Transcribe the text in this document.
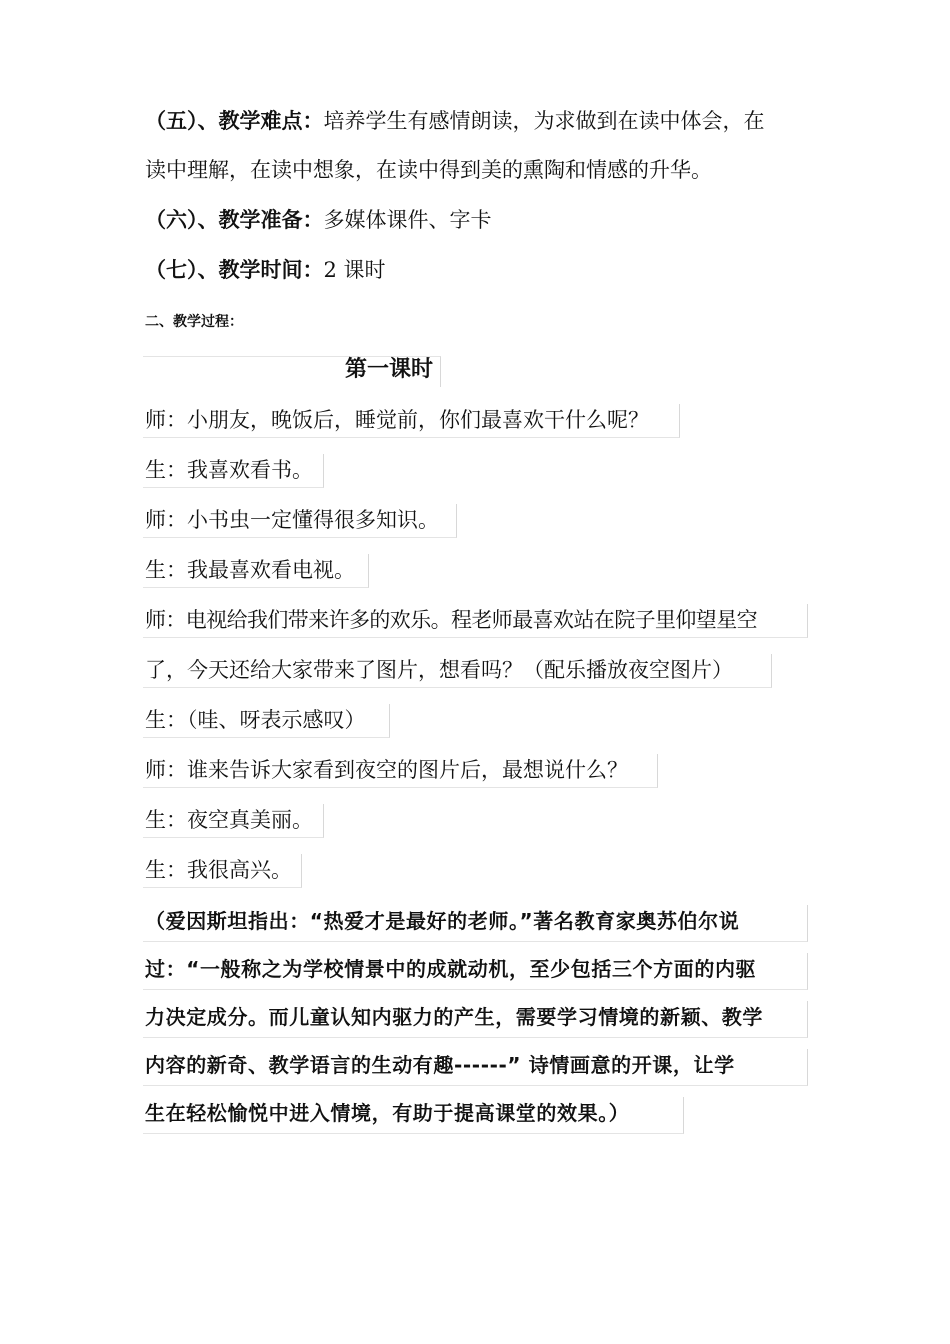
（五）、教学难点：培养学生有感情朗读，为求做到在读中体会，在
读中理解，在读中想象，在读中得到美的熏陶和情感的升华。
（六）、教学准备：多媒体课件、字卡
（七）、教学时间：2 课时
二、教学过程：
第一课时
师：小朋友，晚饭后，睡觉前，你们最喜欢干什么呢？
生：我喜欢看书。
师：小书虫一定懂得很多知识。
生：我最喜欢看电视。
师：电视给我们带来许多的欢乐。程老师最喜欢站在院子里仰望星空
了，今天还给大家带来了图片，想看吗？（配乐播放夜空图片）
生：（哇、呀表示感叹）
师：谁来告诉大家看到夜空的图片后，最想说什么？
生：夜空真美丽。
生：我很高兴。
（爱因斯坦指出：“热爱才是最好的老师。”著名教育家奥苏伯尔说
过：“一般称之为学校情景中的成就动机，至少包括三个方面的内驱
力决定成分。而儿童认知内驱力的产生，需要学习情境的新颖、教学
内容的新奇、教学语言的生动有趣------” 诗情画意的开课，让学
生在轻松愉悦中进入情境，有助于提高课堂的效果。）
